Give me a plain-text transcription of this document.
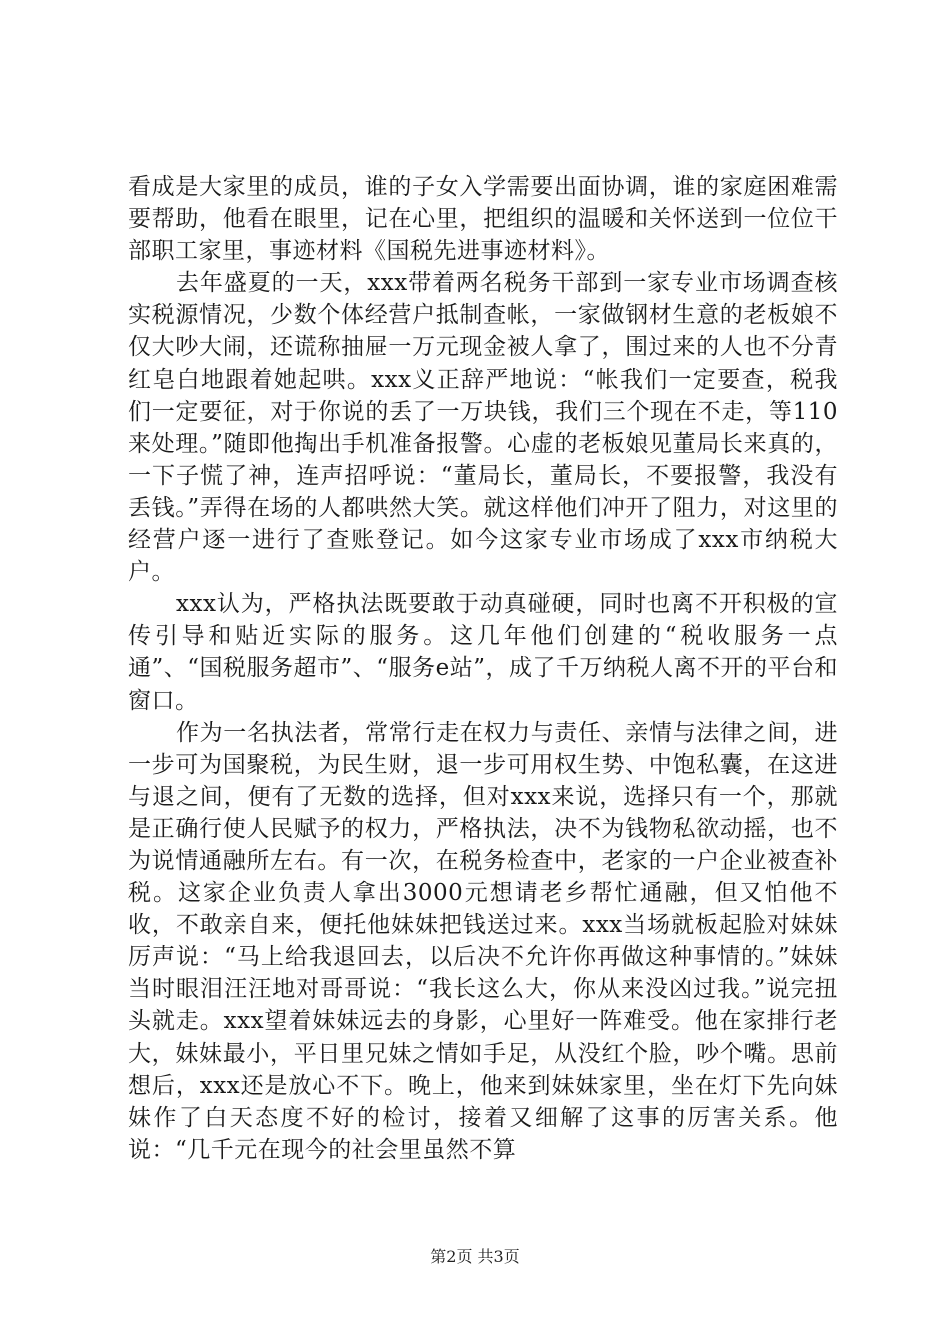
看成是大家里的成员，谁的子女入学需要出面协调，谁的家庭困难需要帮助，他看在眼里，记在心里，把组织的温暖和关怀送到一位位干部职工家里，事迹材料《国税先进事迹材料》。

去年盛夏的一天，xxx带着两名税务干部到一家专业市场调查核实税源情况，少数个体经营户抵制查帐，一家做钢材生意的老板娘不仅大吵大闹，还谎称抽屉一万元现金被人拿了，围过来的人也不分青红皂白地跟着她起哄。xxx义正辞严地说：“帐我们一定要查，税我们一定要征，对于你说的丢了一万块钱，我们三个现在不走，等110来处理。”随即他掏出手机准备报警。心虚的老板娘见董局长来真的，一下子慌了神，连声招呼说：“董局长，董局长，不要报警，我没有丢钱。”弄得在场的人都哄然大笑。就这样他们冲开了阻力，对这里的经营户逐一进行了查账登记。如今这家专业市场成了xxx市纳税大户。

xxx认为，严格执法既要敢于动真碰硬，同时也离不开积极的宣传引导和贴近实际的服务。这几年他们创建的“税收服务一点通”、“国税服务超市”、“服务e站”，成了千万纳税人离不开的平台和窗口。

作为一名执法者，常常行走在权力与责任、亲情与法律之间，进一步可为国聚税，为民生财，退一步可用权生势、中饱私囊，在这进与退之间，便有了无数的选择，但对xxx来说，选择只有一个，那就是正确行使人民赋予的权力，严格执法，决不为钱物私欲动摇，也不为说情通融所左右。有一次，在税务检查中，老家的一户企业被查补税。这家企业负责人拿出3000元想请老乡帮忙通融，但又怕他不收，不敢亲自来，便托他妹妹把钱送过来。xxx当场就板起脸对妹妹厉声说：“马上给我退回去，以后决不允许你再做这种事情的。”妹妹当时眼泪汪汪地对哥哥说：“我长这么大，你从来没凶过我。”说完扭头就走。xxx望着妹妹远去的身影，心里好一阵难受。他在家排行老大，妹妹最小，平日里兄妹之情如手足，从没红个脸，吵个嘴。思前想后，xxx还是放心不下。晚上，他来到妹妹家里，坐在灯下先向妹妹作了白天态度不好的检讨，接着又细解了这事的厉害关系。他说：“几千元在现今的社会里虽然不算

第2页 共3页
